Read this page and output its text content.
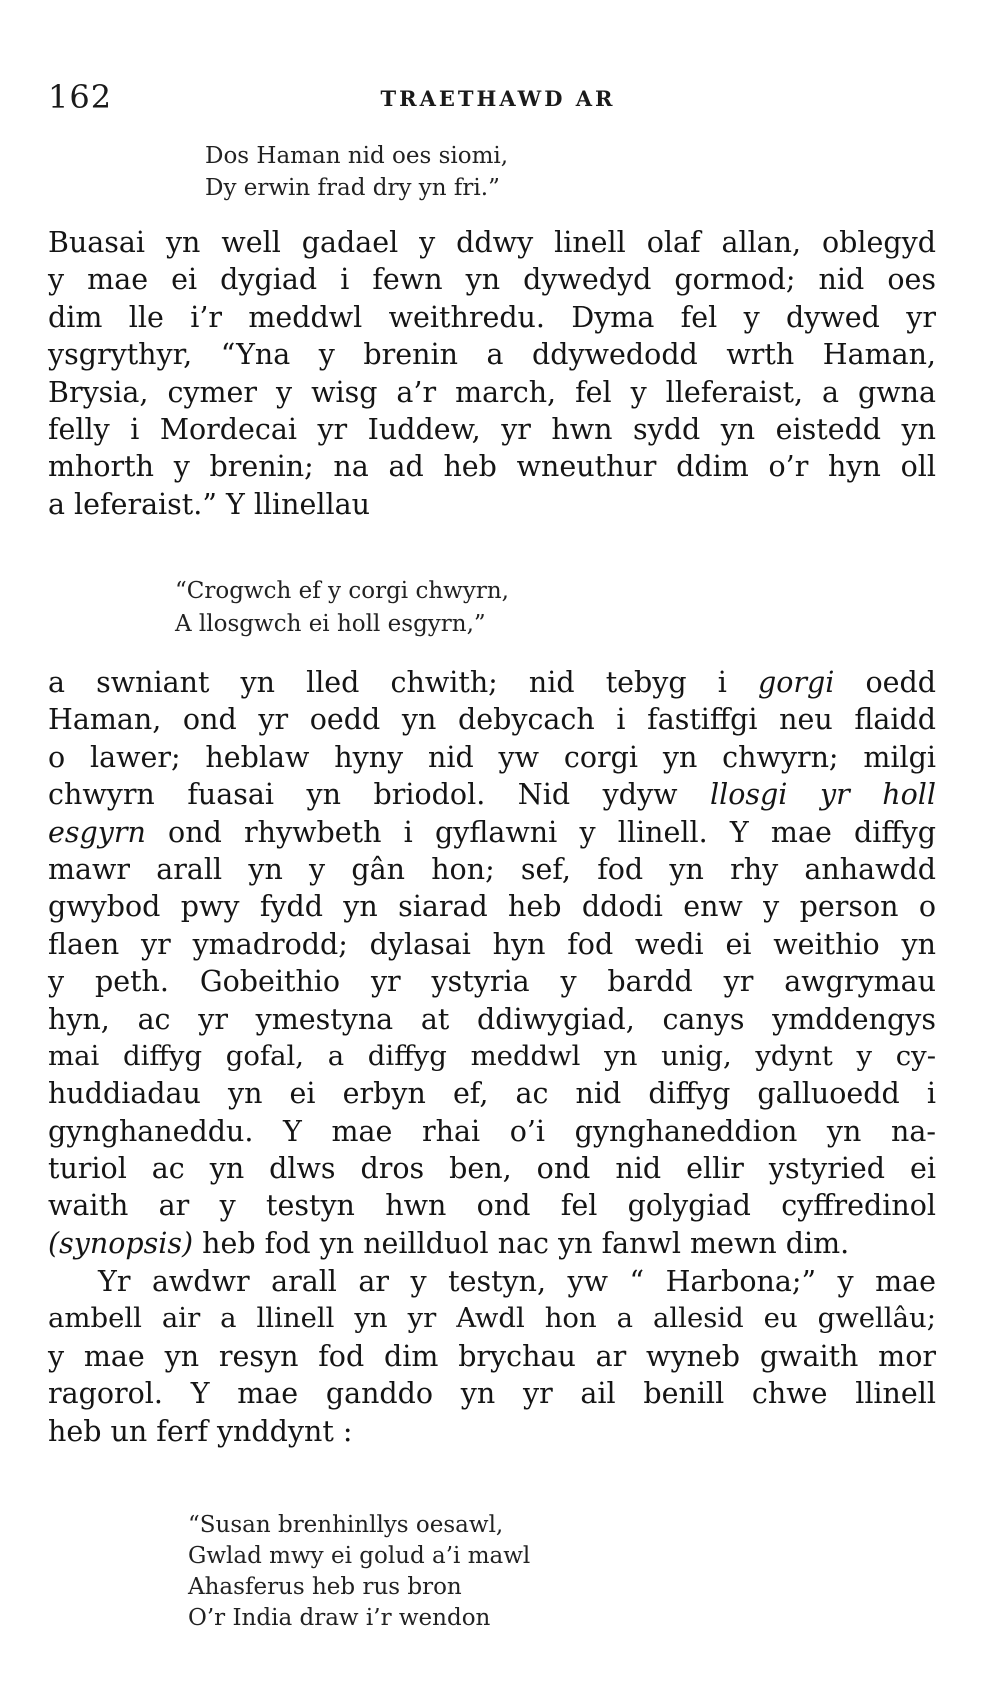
162	TRAETHAWD AR
Dos Haman nid oes siomi,
Dy erwin frad dry yn fri.”
Buasai yn well gadael y ddwy linell olaf allan, oblegyd
y mae ei dygiad i fewn yn dywedyd gormod; nid oes
dim lle i’r meddwl weithredu. Dyma fel y dywed yr
ysgrythyr, “Yna y brenin a ddywedodd wrth Haman,
Brysia, cymer y wisg a’r march, fel y lleferaist, a gwna
felly i Mordecai yr Iuddew, yr hwn sydd yn eistedd yn
mhorth y brenin; na ad heb wneuthur ddim o’r hyn oll
a leferaist.” Y llinellau
“Crogwch ef y corgi chwyrn,
A llosgwch ei holl esgyrn,”
a swniant yn lled chwith; nid tebyg i gorgi oedd
Haman, ond yr oedd yn debycach i fastiffgi neu flaidd
o lawer; heblaw hyny nid yw corgi yn chwyrn; milgi
chwyrn fuasai yn briodol. Nid ydyw llosgi yr holl
esgyrn ond rhywbeth i gyflawni y llinell. Y mae diffyg
mawr arall yn y gân hon; sef, fod yn rhy anhawdd
gwybod pwy fydd yn siarad heb ddodi enw y person o
flaen yr ymadrodd; dylasai hyn fod wedi ei weithio yn
y peth. Gobeithio yr ystyria y bardd yr awgrymau
hyn, ac yr ymestyna at ddiwygiad, canys ymddengys
mai diffyg gofal, a diffyg meddwl yn unig, ydynt y cy-
huddiadau yn ei erbyn ef, ac nid diffyg galluoedd i
gynghaneddu. Y mae rhai o’i gynghaneddion yn na-
turiol ac yn dlws dros ben, ond nid ellir ystyried ei
waith ar y testyn hwn ond fel golygiad cyffredinol
(synopsis) heb fod yn neillduol nac yn fanwl mewn dim.
Yr awdwr arall ar y testyn, yw “ Harbona;” y mae
ambell air a llinell yn yr Awdl hon a allesid eu gwellâu;
y mae yn resyn fod dim brychau ar wyneb gwaith mor
ragorol. Y mae ganddo yn yr ail benill chwe llinell
heb un ferf ynddynt :
“Susan brenhinllys oesawl,
Gwlad mwy ei golud a’i mawl
Ahasferus heb rus bron
O’r India draw i’r wendon
